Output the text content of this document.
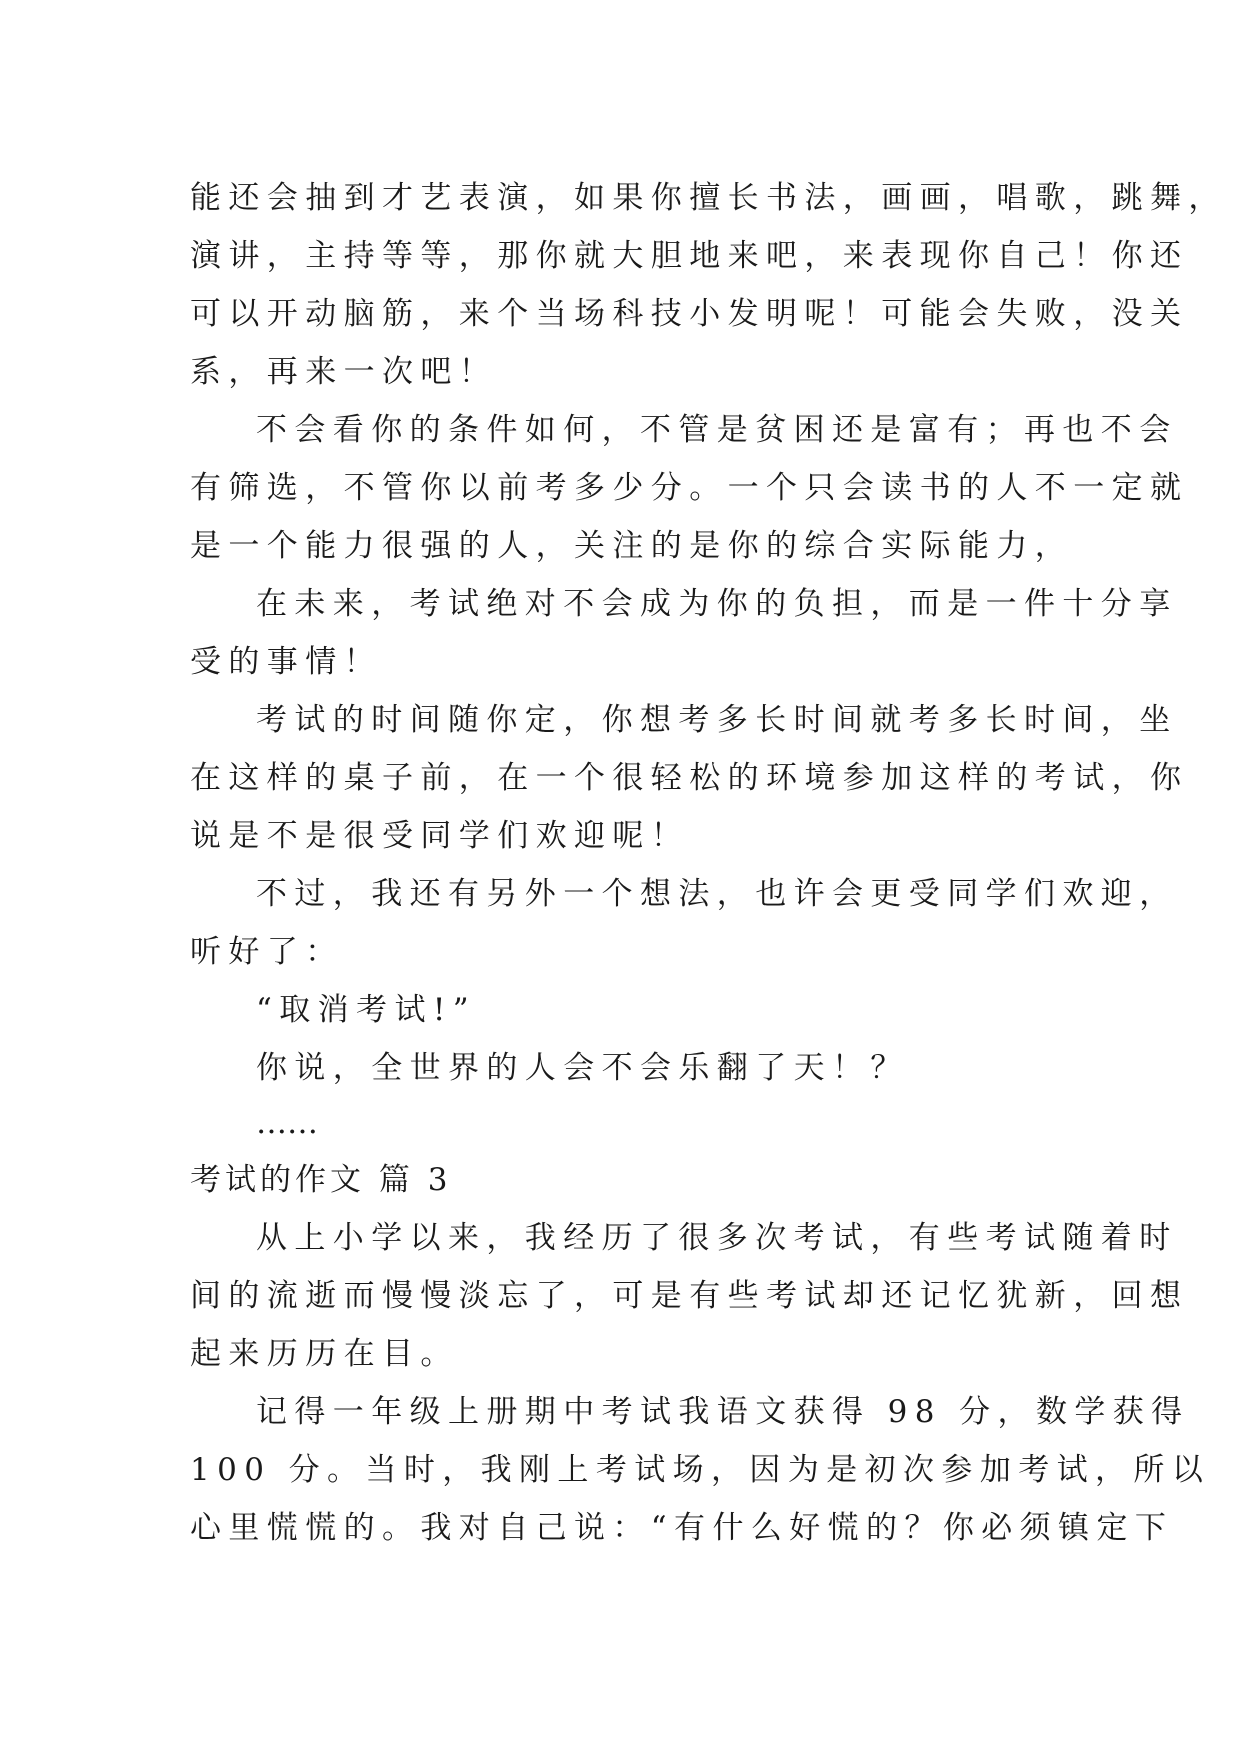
能还会抽到才艺表演，如果你擅长书法，画画，唱歌，跳舞，

演讲，主持等等，那你就大胆地来吧，来表现你自己！你还

可以开动脑筋，来个当场科技小发明呢！可能会失败，没关

系，再来一次吧！

不会看你的条件如何，不管是贫困还是富有；再也不会

有筛选，不管你以前考多少分。一个只会读书的人不一定就

是一个能力很强的人，关注的是你的综合实际能力，

在未来，考试绝对不会成为你的负担，而是一件十分享

受的事情！

考试的时间随你定，你想考多长时间就考多长时间，坐

在这样的桌子前，在一个很轻松的环境参加这样的考试，你

说是不是很受同学们欢迎呢！

不过，我还有另外一个想法，也许会更受同学们欢迎，

听好了：

“取消考试!”

你说，全世界的人会不会乐翻了天！？

……

考试的作文 篇 3

从上小学以来，我经历了很多次考试，有些考试随着时

间的流逝而慢慢淡忘了，可是有些考试却还记忆犹新，回想

起来历历在目。

记得一年级上册期中考试我语文获得 98 分，数学获得

100 分。当时，我刚上考试场，因为是初次参加考试，所以

心里慌慌的。我对自己说：“有什么好慌的？你必须镇定下
